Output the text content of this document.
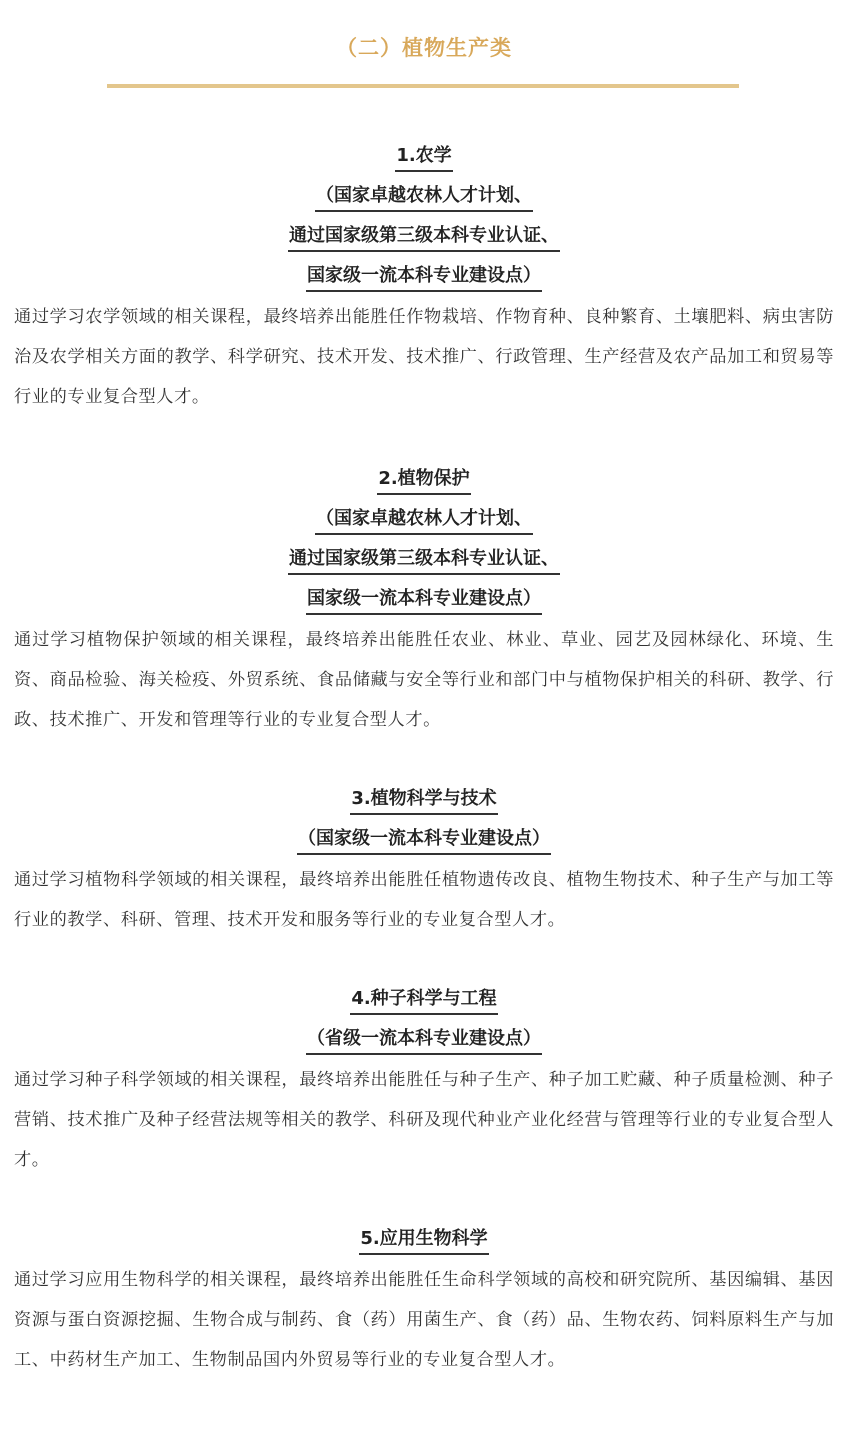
（二）植物生产类
1.农学
（国家卓越农林人才计划、
通过国家级第三级本科专业认证、
国家级一流本科专业建设点）

通过学习农学领域的相关课程，最终培养出能胜任作物栽培、作物育种、良种繁育、土壤肥料、病虫害防治及农学相关方面的教学、科学研究、技术开发、技术推广、行政管理、生产经营及农产品加工和贸易等行业的专业复合型人才。

2.植物保护
（国家卓越农林人才计划、
通过国家级第三级本科专业认证、
国家级一流本科专业建设点）

通过学习植物保护领域的相关课程，最终培养出能胜任农业、林业、草业、园艺及园林绿化、环境、生资、商品检验、海关检疫、外贸系统、食品储藏与安全等行业和部门中与植物保护相关的科研、教学、行政、技术推广、开发和管理等行业的专业复合型人才。

3.植物科学与技术
（国家级一流本科专业建设点）

通过学习植物科学领域的相关课程，最终培养出能胜任植物遗传改良、植物生物技术、种子生产与加工等行业的教学、科研、管理、技术开发和服务等行业的专业复合型人才。

4.种子科学与工程
（省级一流本科专业建设点）

通过学习种子科学领域的相关课程，最终培养出能胜任与种子生产、种子加工贮藏、种子质量检测、种子营销、技术推广及种子经营法规等相关的教学、科研及现代种业产业化经营与管理等行业的专业复合型人才。

5.应用生物科学

通过学习应用生物科学的相关课程，最终培养出能胜任生命科学领域的高校和研究院所、基因编辑、基因资源与蛋白资源挖掘、生物合成与制药、食（药）用菌生产、食（药）品、生物农药、饲料原料生产与加工、中药材生产加工、生物制品国内外贸易等行业的专业复合型人才。
